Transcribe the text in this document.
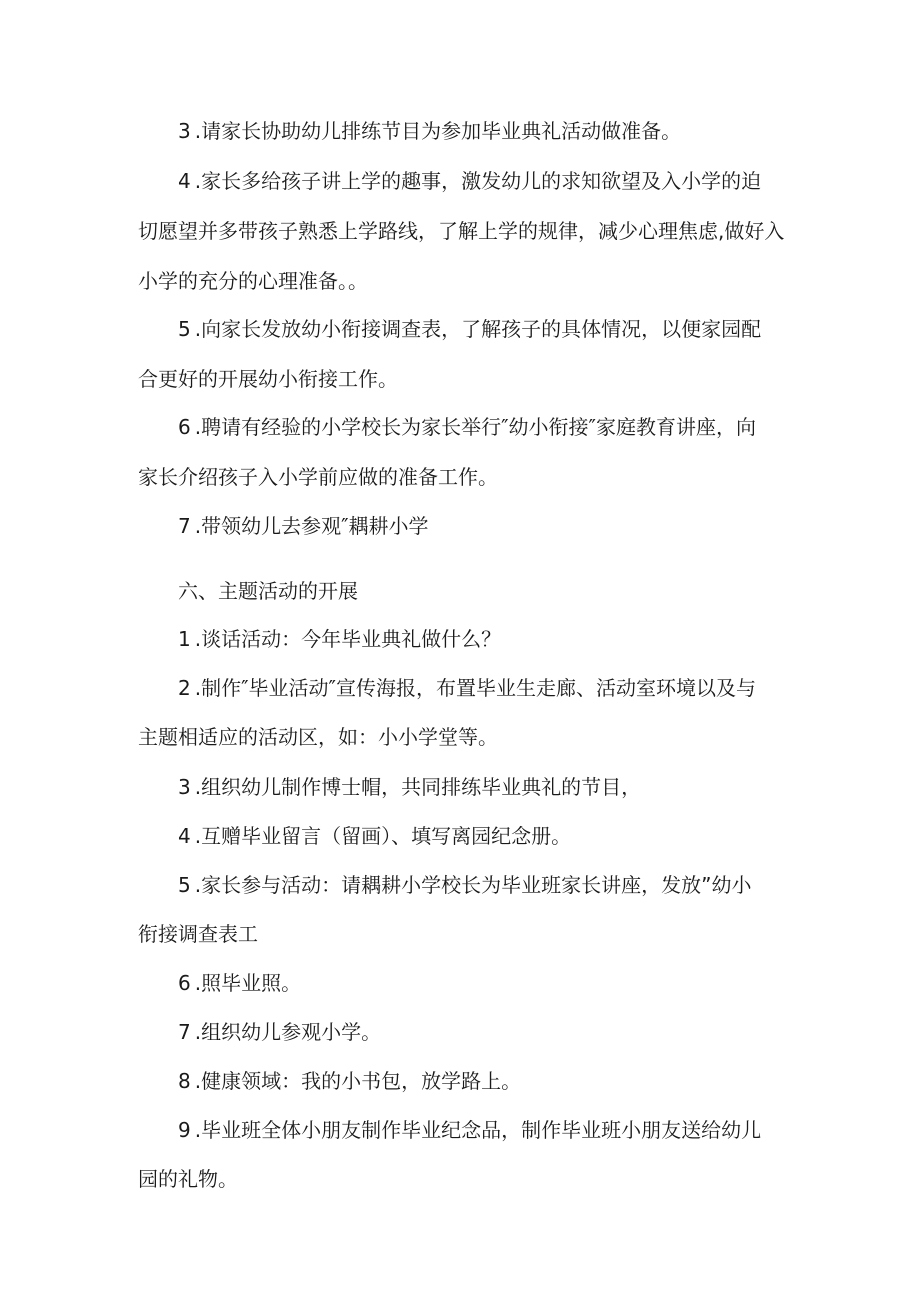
3 .请家长协助幼儿排练节目为参加毕业典礼活动做准备。
4 .家长多给孩子讲上学的趣事，激发幼儿的求知欲望及入小学的迫
切愿望并多带孩子熟悉上学路线，了解上学的规律，减少心理焦虑,做好入
小学的充分的心理准备。。
5 .向家长发放幼小衔接调查表，了解孩子的具体情况，以便家园配
合更好的开展幼小衔接工作。
6 .聘请有经验的小学校长为家长举行″幼小衔接″家庭教育讲座，向
家长介绍孩子入小学前应做的准备工作。
7 .带领幼儿去参观″耦耕小学
六、主题活动的开展
1 .谈话活动：今年毕业典礼做什么？
2 .制作″毕业活动″宣传海报，布置毕业生走廊、活动室环境以及与
主题相适应的活动区，如：小小学堂等。
3 .组织幼儿制作博士帽，共同排练毕业典礼的节目，
4 .互赠毕业留言（留画）、填写离园纪念册。
5 .家长参与活动：请耦耕小学校长为毕业班家长讲座，发放”幼小
衔接调查表工
6 .照毕业照。
7 .组织幼儿参观小学。
8 .健康领域：我的小书包，放学路上。
9 .毕业班全体小朋友制作毕业纪念品，制作毕业班小朋友送给幼儿
园的礼物。
